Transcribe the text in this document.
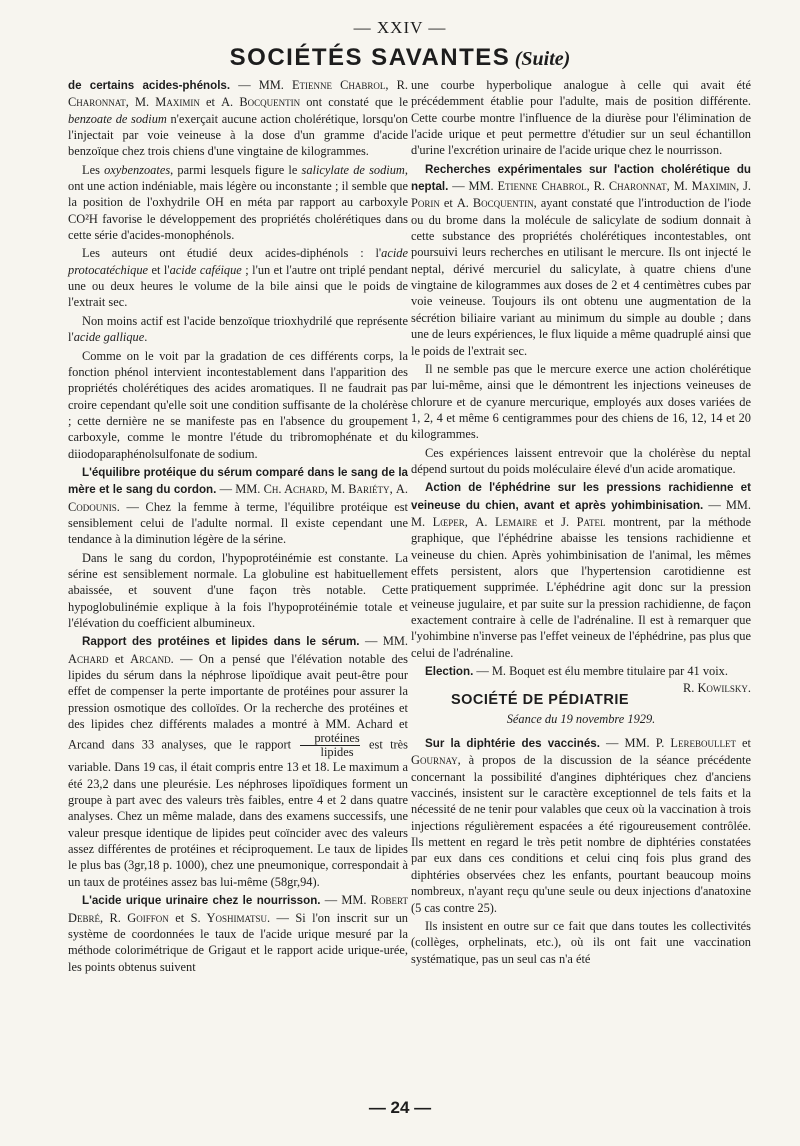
— XXIV —
SOCIÉTÉS SAVANTES (Suite)

de certains acides-phénols. — MM. Etienne Chabrol, R. Charonnat, M. Maximin et A. Bocquentin ont constaté que le benzoate de sodium n'exerçait aucune action cholérétique, lorsqu'on l'injectait par voie veineuse à la dose d'un gramme d'acide benzoïque chez trois chiens d'une vingtaine de kilogrammes.

Les oxybenzoates, parmi lesquels figure le salicylate de sodium, ont une action indéniable, mais légère ou inconstante ; il semble que la position de l'oxhydrile OH en méta par rapport au carboxyle CO²H favorise le développement des propriétés cholérétiques dans cette série d'acides-monophénols.

Les auteurs ont étudié deux acides-diphénols : l'acide protocatéchique et l'acide caféique ; l'un et l'autre ont triplé pendant une ou deux heures le volume de la bile ainsi que le poids de l'extrait sec.

Non moins actif est l'acide benzoïque trioxhydrilé que représente l'acide gallique.

Comme on le voit par la gradation de ces différents corps, la fonction phénol intervient incontestablement dans l'apparition des propriétés cholérétiques des acides aromatiques. Il ne faudrait pas croire cependant qu'elle soit une condition suffisante de la cholérèse ; cette dernière ne se manifeste pas en l'absence du groupement carboxyle, comme le montre l'étude du tribromophénate et du diiodoparaphénolsulfonate de sodium.

L'équilibre protéique du sérum comparé dans le sang de la mère et le sang du cordon. — MM. Ch. Achard, M. Bariéty, A. Codounis. — Chez la femme à terme, l'équilibre protéique est sensiblement celui de l'adulte normal. Il existe cependant une tendance à la diminution légère de la sérine.

Dans le sang du cordon, l'hypoprotéinémie est constante. La sérine est sensiblement normale. La globuline est habituellement abaissée, et souvent d'une façon très notable. Cette hypoglobulinémie explique à la fois l'hypoprotéinémie totale et l'élévation du coefficient albumineux.

Rapport des protéines et lipides dans le sérum. — MM. Achard et Arcand. — On a pensé que l'élévation notable des lipides du sérum dans la néphrose lipoïdique avait peut-être pour effet de compenser la perte importante de protéines pour assurer la pression osmotique des colloïdes. Or la recherche des protéines et des lipides chez différents malades a montré à MM. Achard et Arcand dans 33 analyses, que le rapport $\frac{\text{protéines}}{\text{lipides}}$ est très variable. Dans 19 cas, il était compris entre 13 et 18. Le maximum a été 23,2 dans une pleurésie. Les néphroses lipoïdiques forment un groupe à part avec des valeurs très faibles, entre 4 et 2 dans quatre analyses. Chez un même malade, dans des examens successifs, une valeur presque identique de lipides peut coïncider avec des valeurs assez différentes de protéines et réciproquement. Le taux de lipides le plus bas (3gr,18 p. 1000), chez une pneumonique, correspondait à un taux de protéines assez bas lui-même (58gr,94).

L'acide urique urinaire chez le nourrisson. — MM. Robert Debré, R. Goiffon et S. Yoshimatsu. — Si l'on inscrit sur un système de coordonnées le taux de l'acide urique mesuré par la méthode colorimétrique de Grigaut et le rapport acide urique-urée, les points obtenus suivent

une courbe hyperbolique analogue à celle qui avait été précédemment établie pour l'adulte, mais de position différente. Cette courbe montre l'influence de la diurèse pour l'élimination de l'acide urique et peut permettre d'étudier sur un seul échantillon d'urine l'excrétion urinaire de l'acide urique chez le nourrisson.

Recherches expérimentales sur l'action cholérétique du neptal. — MM. Etienne Chabrol, R. Charonnat, M. Maximin, J. Porin et A. Bocquentin, ayant constaté que l'introduction de l'iode ou du brome dans la molécule de salicylate de sodium donnait à cette substance des propriétés cholérétiques incontestables, ont poursuivi leurs recherches en utilisant le mercure. Ils ont injecté le neptal, dérivé mercuriel du salicylate, à quatre chiens d'une vingtaine de kilogrammes aux doses de 2 et 4 centimètres cubes par voie veineuse. Toujours ils ont obtenu une augmentation de la sécrétion biliaire variant au minimum du simple au double ; dans une de leurs expériences, le flux liquide a même quadruplé ainsi que le poids de l'extrait sec.

Il ne semble pas que le mercure exerce une action cholérétique par lui-même, ainsi que le démontrent les injections veineuses de chlorure et de cyanure mercurique, employés aux doses variées de 1, 2, 4 et même 6 centigrammes pour des chiens de 16, 12, 14 et 20 kilogrammes.

Ces expériences laissent entrevoir que la cholérèse du neptal dépend surtout du poids moléculaire élevé d'un acide aromatique.

Action de l'éphédrine sur les pressions rachidienne et veineuse du chien, avant et après yohimbinisation. — MM. M. Lœper, A. Lemaire et J. Patel montrent, par la méthode graphique, que l'éphédrine abaisse les tensions rachidienne et veineuse du chien. Après yohimbinisation de l'animal, les mêmes effets persistent, alors que l'hypertension carotidienne est pratiquement supprimée. L'éphédrine agit donc sur la pression veineuse jugulaire, et par suite sur la pression rachidienne, de façon exactement contraire à celle de l'adrénaline. Il est à remarquer que l'yohimbine n'inverse pas l'effet veineux de l'éphédrine, pas plus que celui de l'adrénaline.

Election. — M. Boquet est élu membre titulaire par 41 voix.
R. Kowilsky.

SOCIÉTÉ DE PÉDIATRIE
Séance du 19 novembre 1929.

Sur la diphtérie des vaccinés. — MM. P. Lereboullet et Gournay, à propos de la discussion de la séance précédente concernant la possibilité d'angines diphtériques chez d'anciens vaccinés, insistent sur le caractère exceptionnel de tels faits et la nécessité de ne tenir pour valables que ceux où la vaccination à trois injections régulièrement espacées a été rigoureusement contrôlée. Ils mettent en regard le très petit nombre de diphtéries constatées par eux dans ces conditions et celui cinq fois plus grand des diphtéries observées chez les enfants, pourtant beaucoup moins nombreux, n'ayant reçu qu'une seule ou deux injections d'anatoxine (5 cas contre 25).

Ils insistent en outre sur ce fait que dans toutes les collectivités (collèges, orphelinats, etc.), où ils ont fait une vaccination systématique, pas un seul cas n'a été

— 24 —
